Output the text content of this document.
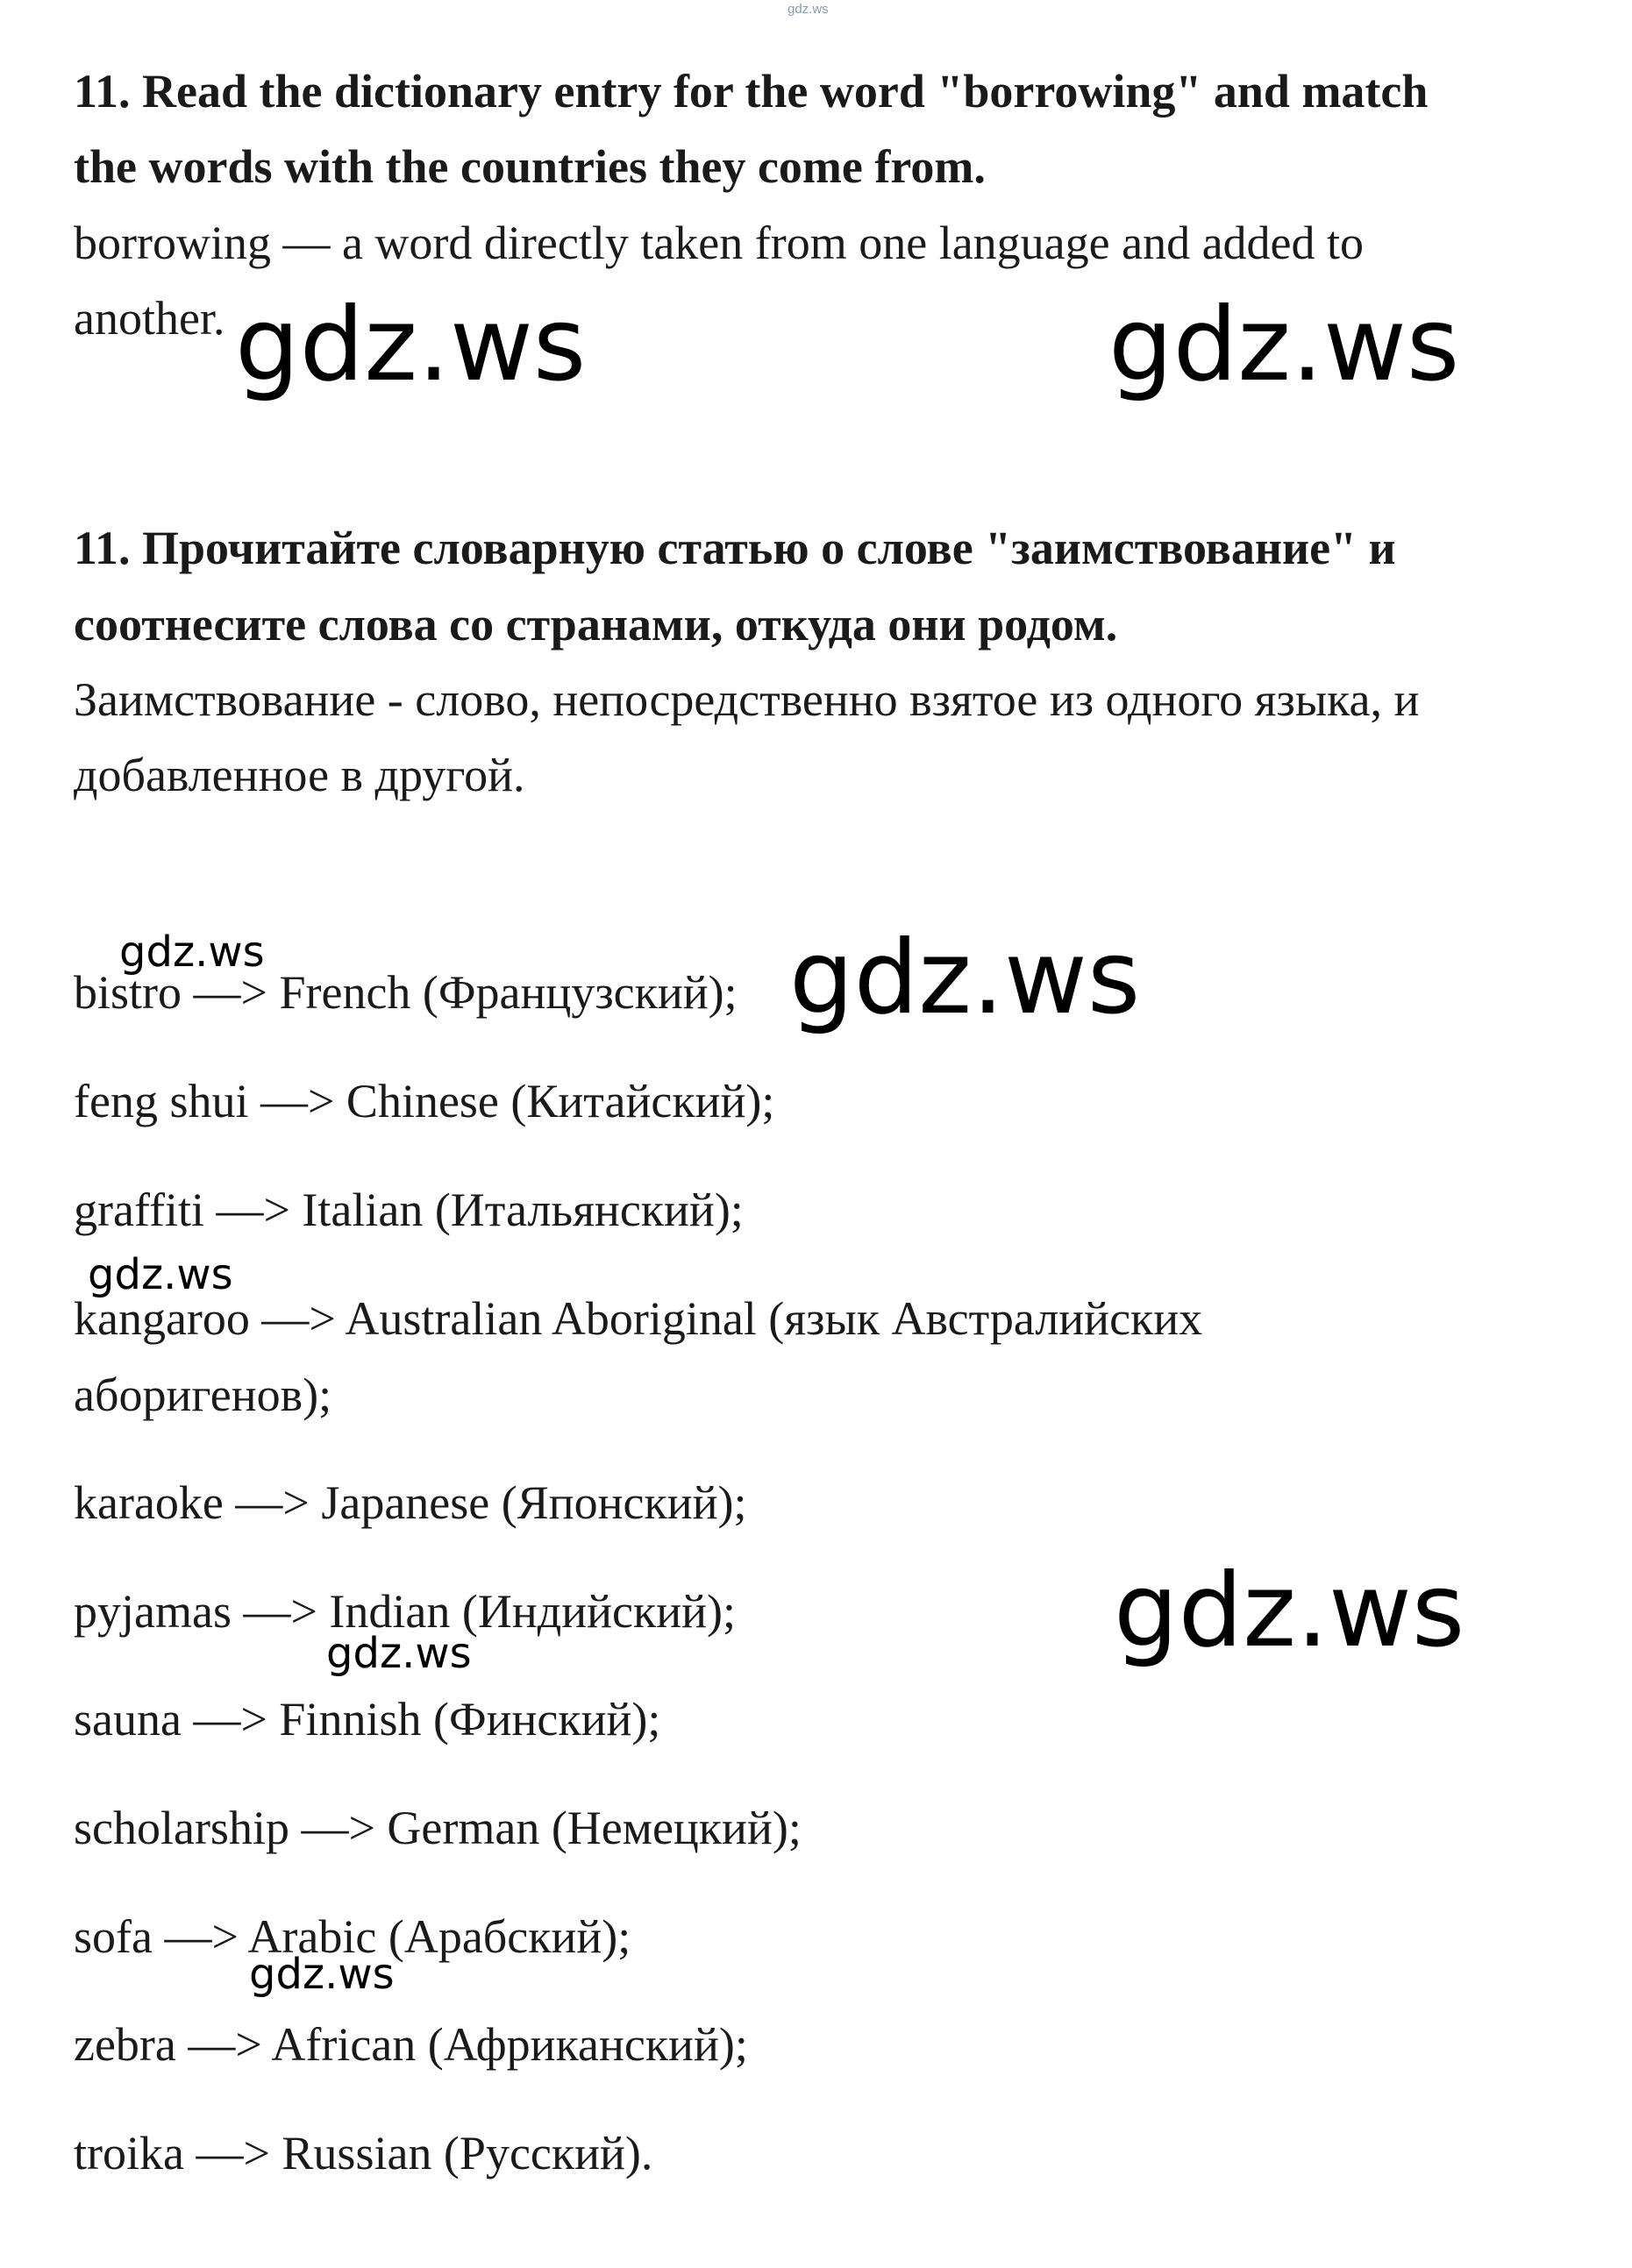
gdz.ws
11. Read the dictionary entry for the word "borrowing" and match
the words with the countries they come from.
borrowing — a word directly taken from one language and added to
another.
11. Прочитайте словарную статью о слове "заимствование" и
соотнесите слова со странами, откуда они родом.
Заимствование - слово, непосредственно взятое из одного языка, и
добавленное в другой.
bistro —> French (Французский);
feng shui —> Chinese (Китайский);
graffiti —> Italian (Итальянский);
kangaroo —> Australian Aboriginal (язык Австралийских
аборигенов);
karaoke —> Japanese (Японский);
pyjamas —> Indian (Индийский);
sauna —> Finnish (Финский);
scholarship —> German (Немецкий);
sofa —> Arabic (Арабский);
zebra —> African (Африканский);
troika —> Russian (Русский).
gdz.ws	gdz.ws
gdz.ws	gdz.ws
gdz.ws
gdz.ws
gdz.ws
gdz.ws
